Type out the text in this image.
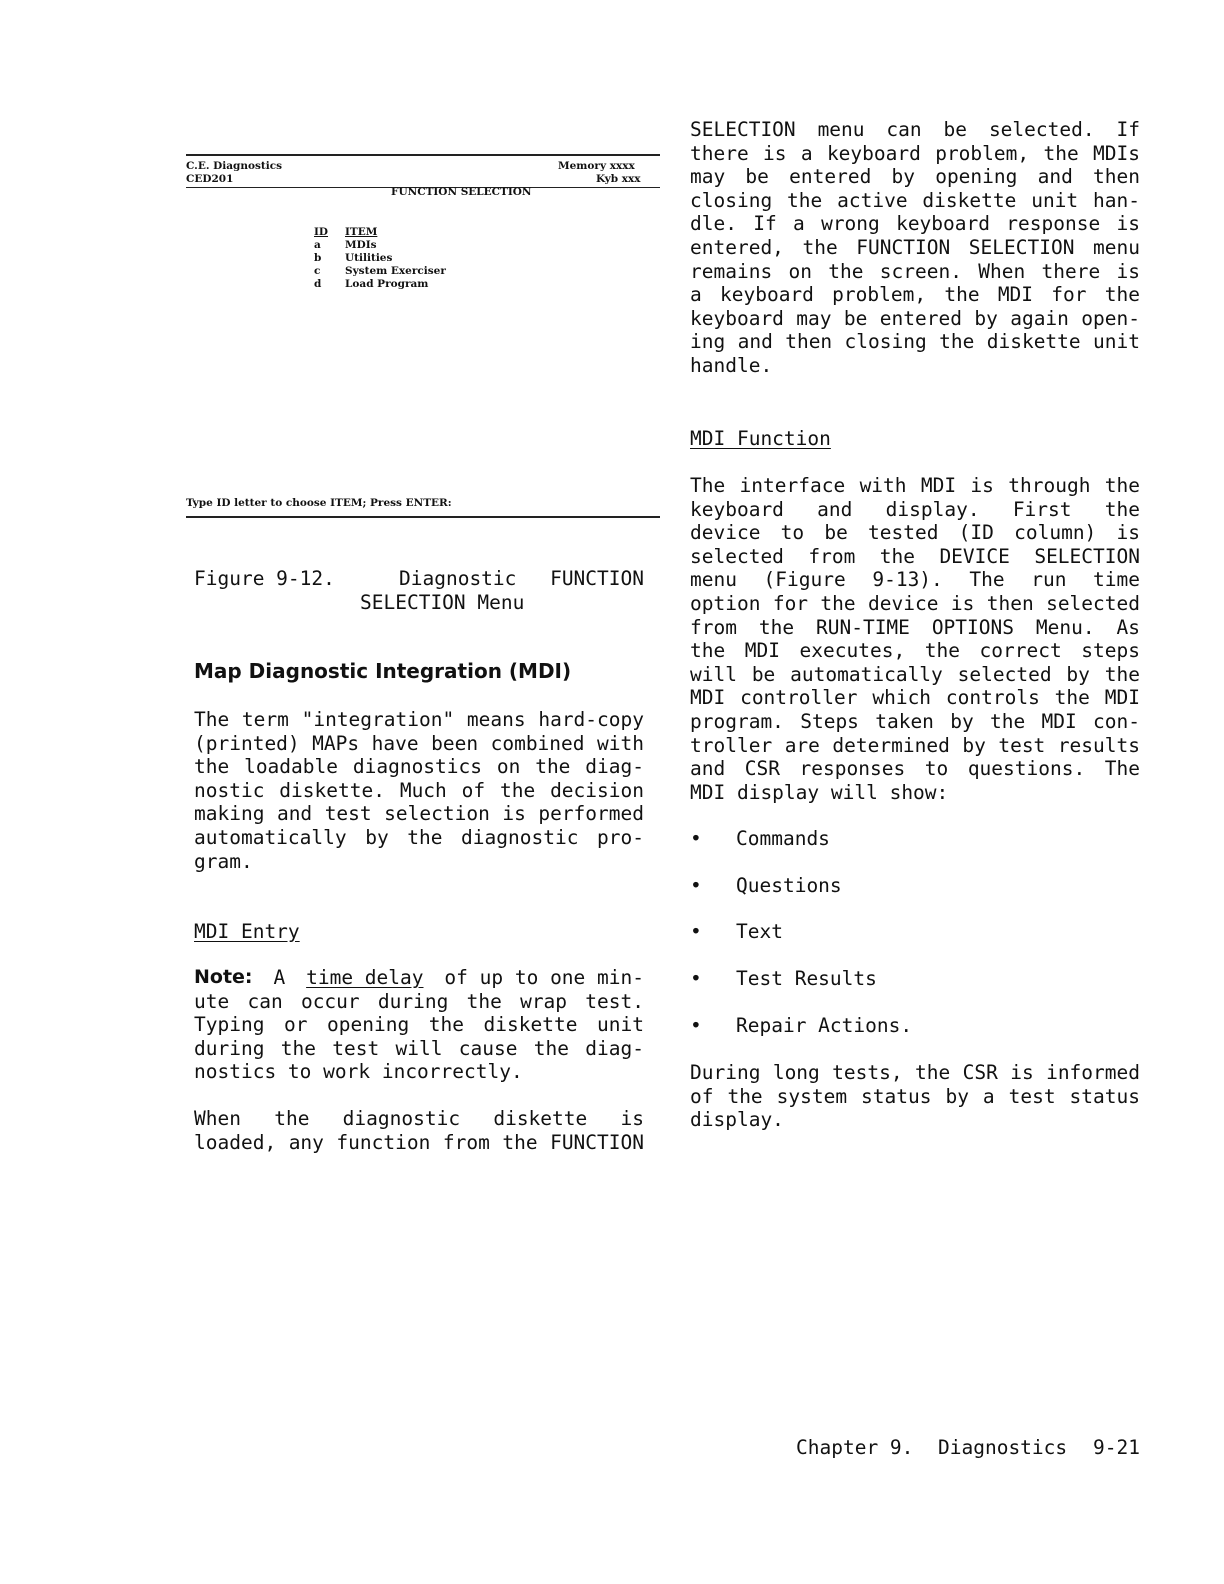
C.E. Diagnostics
CED201
Memory xxxx
Kyb xxx
FUNCTION SELECTION
ID ITEM
a MDIs
b Utilities
c System Exerciser
d Load Program
Type ID letter to choose ITEM; Press ENTER:
Figure 9-12.	Diagnostic FUNCTION
SELECTION Menu
Map Diagnostic Integration (MDI)
The term "integration" means hard-copy
(printed) MAPs have been combined with
the loadable diagnostics on the diag-
nostic diskette. Much of the decision
making and test selection is performed
automatically by the diagnostic pro-
gram.
MDI Entry
Note: A time delay of up to one min-
ute can occur during the wrap test.
Typing or opening the diskette unit
during the test will cause the diag-
nostics to work incorrectly.
When the diagnostic diskette is
loaded, any function from the FUNCTION
SELECTION menu can be selected. If
there is a keyboard problem, the MDIs
may be entered by opening and then
closing the active diskette unit han-
dle. If a wrong keyboard response is
entered, the FUNCTION SELECTION menu
remains on the screen. When there is
a keyboard problem, the MDI for the
keyboard may be entered by again open-
ing and then closing the diskette unit
handle.
MDI Function
The interface with MDI is through the
keyboard and display. First the
device to be tested (ID column) is
selected from the DEVICE SELECTION
menu (Figure 9-13). The run time
option for the device is then selected
from the RUN-TIME OPTIONS Menu. As
the MDI executes, the correct steps
will be automatically selected by the
MDI controller which controls the MDI
program. Steps taken by the MDI con-
troller are determined by test results
and CSR responses to questions. The
MDI display will show:
• Commands
• Questions
• Text
• Test Results
• Repair Actions.
During long tests, the CSR is informed
of the system status by a test status
display.
Chapter 9. Diagnostics 9-21
